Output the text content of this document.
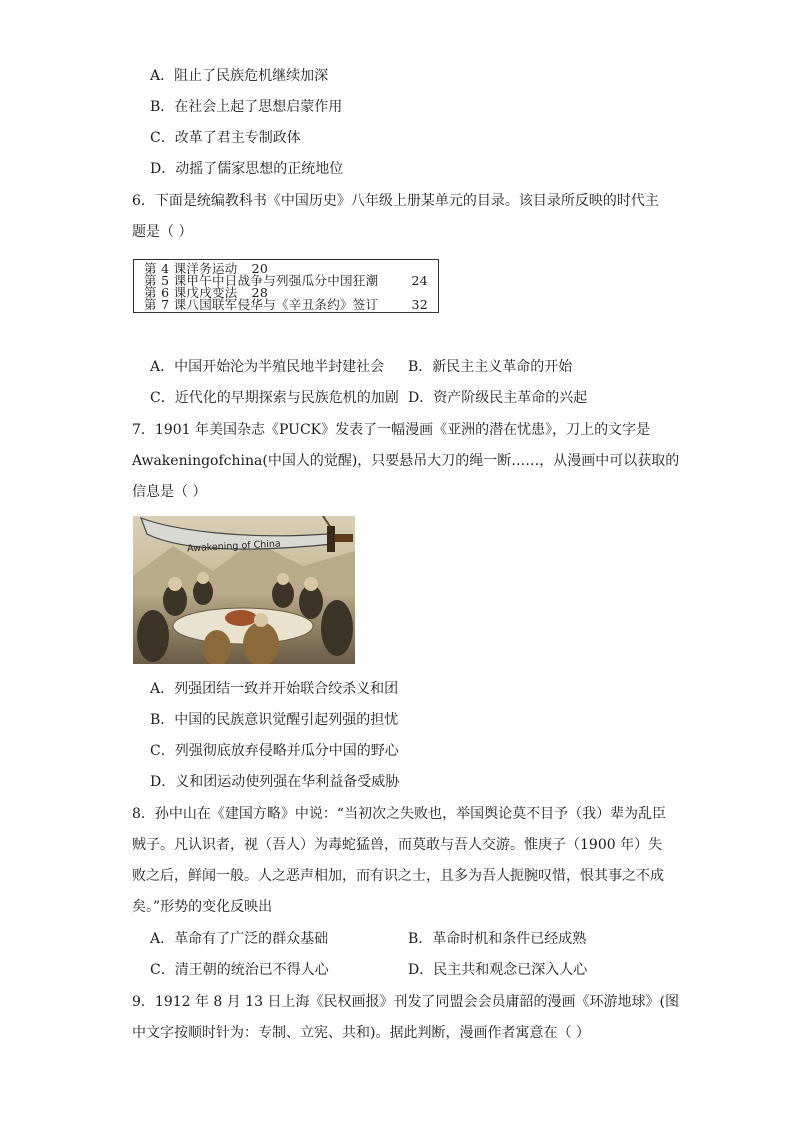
A．阻止了民族危机继续加深
B．在社会上起了思想启蒙作用
C．改革了君主专制政体
D．动摇了儒家思想的正统地位
6．下面是统编教科书《中国历史》八年级上册某单元的目录。该目录所反映的时代主
题是（ ）
第 4 课洋务运动 20
第 5 课甲午中日战争与列强瓜分中国狂潮	24
第 6 课戊戌变法 28
第 7 课八国联军侵华与《辛丑条约》签订	32
A．中国开始沦为半殖民地半封建社会 B．新民主主义革命的开始
C．近代化的早期探索与民族危机的加剧 D．资产阶级民主革命的兴起
7．1901 年美国杂志《PUCK》发表了一幅漫画《亚洲的潜在忧患》，刀上的文字是
Awakeningofchina(中国人的觉醒)，只要悬吊大刀的绳一断……，从漫画中可以获取的
信息是（ ）
Awakening of China
A．列强团结一致并开始联合绞杀义和团
B．中国的民族意识觉醒引起列强的担忧
C．列强彻底放弃侵略并瓜分中国的野心
D．义和团运动使列强在华利益备受威胁
8．孙中山在《建国方略》中说：“当初次之失败也，举国舆论莫不目予（我）辈为乱臣
贼子。凡认识者，视（吾人）为毒蛇猛兽，而莫敢与吾人交游。惟庚子（1900 年）失
败之后，鲜闻一般。人之恶声相加，而有识之士，且多为吾人扼腕叹惜，恨其事之不成
矣。”形势的变化反映出
A．革命有了广泛的群众基础	B．革命时机和条件已经成熟
C．清王朝的统治已不得人心	D．民主共和观念已深入人心
9．1912 年 8 月 13 日上海《民权画报》刊发了同盟会会员庸韶的漫画《环游地球》(图
中文字按顺时针为：专制、立宪、共和)。据此判断，漫画作者寓意在（ ）
